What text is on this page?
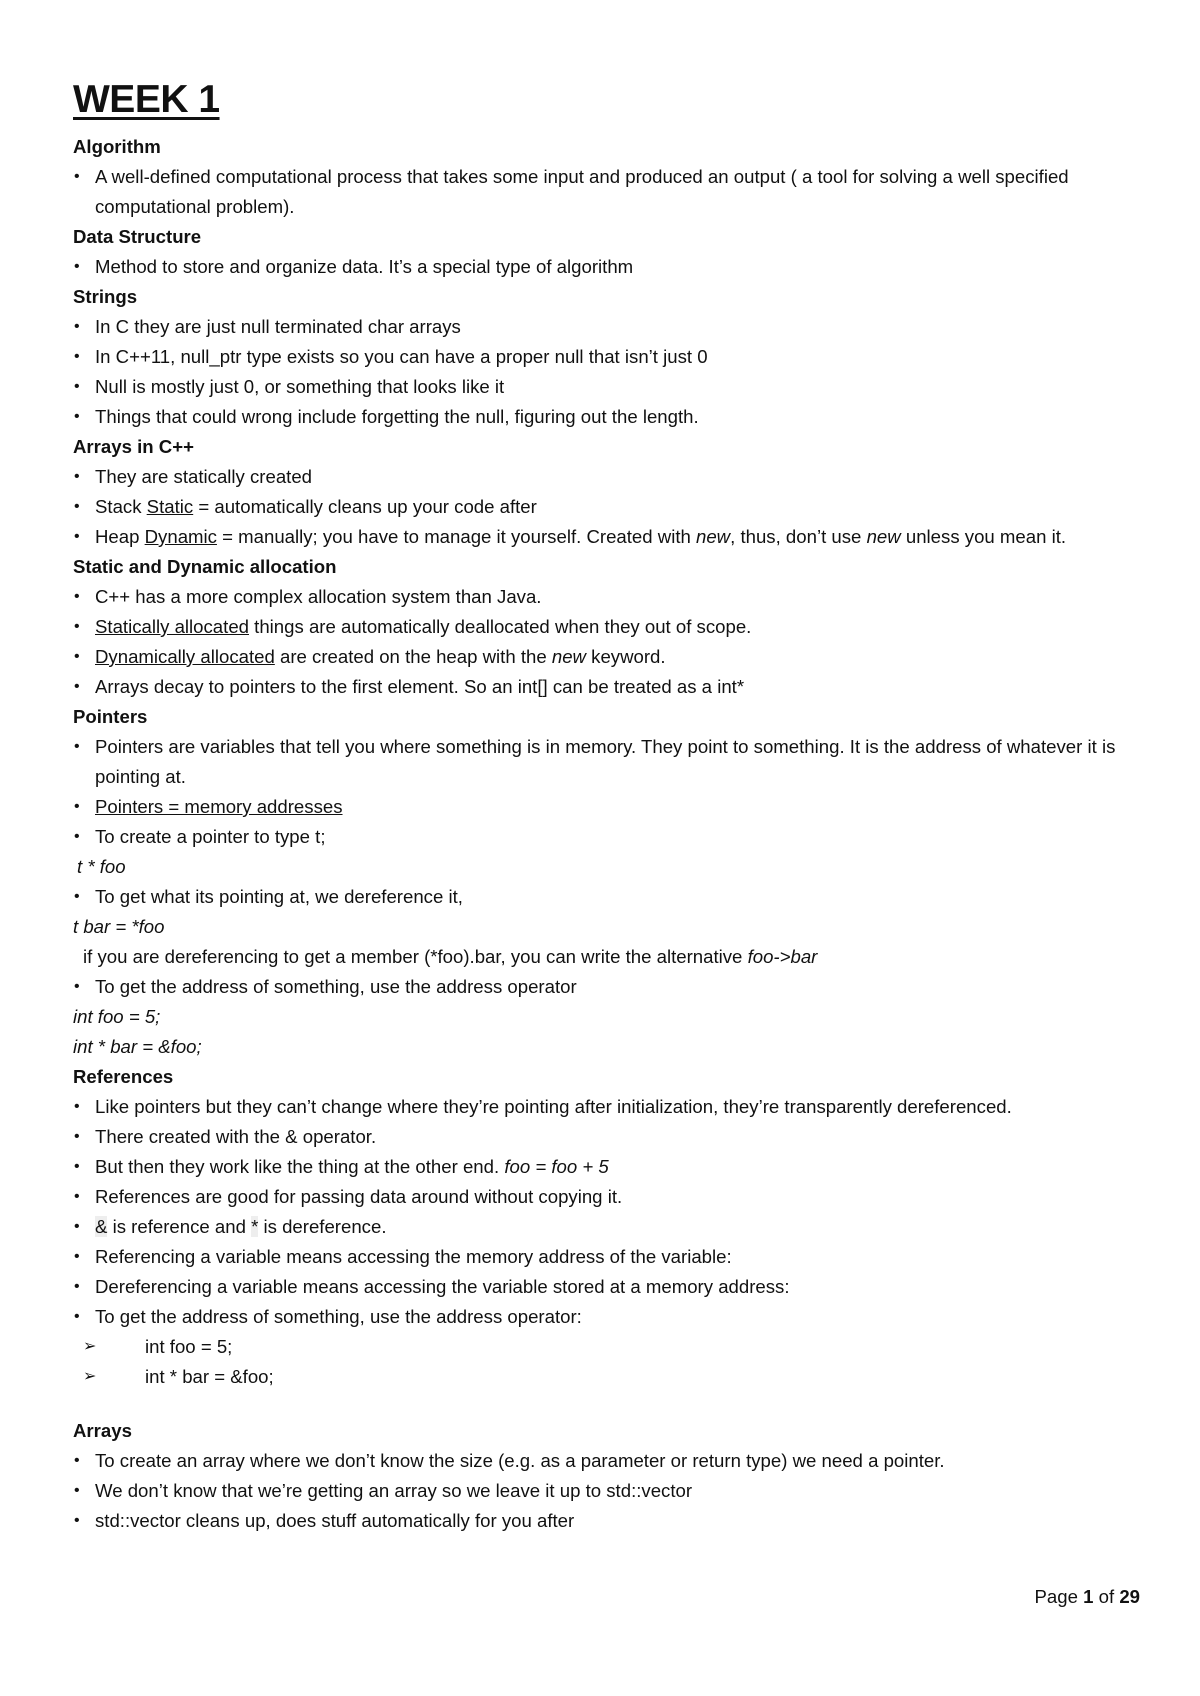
WEEK 1

Algorithm

• A well-defined computational process that takes some input and produced an output ( a tool for solving a well specified computational problem).

Data Structure

• Method to store and organize data. It’s a special type of algorithm

Strings

• In C they are just null terminated char arrays

• In C++11, null_ptr type exists so you can have a proper null that isn’t just 0

• Null is mostly just 0, or something that looks like it

• Things that could wrong include forgetting the null, figuring out the length.

Arrays in C++

• They are statically created

• Stack Static = automatically cleans up your code after

• Heap Dynamic = manually; you have to manage it yourself. Created with new, thus, don’t use new unless you mean it.

Static and Dynamic allocation

• C++ has a more complex allocation system than Java.

• Statically allocated things are automatically deallocated when they out of scope.

• Dynamically allocated are created on the heap with the new keyword.

• Arrays decay to pointers to the first element. So an int[] can be treated as a int*

Pointers

• Pointers are variables that tell you where something is in memory. They point to something. It is the address of whatever it is pointing at.

• Pointers = memory addresses

• To create a pointer to type t;

t * foo

• To get what its pointing at, we dereference it,

t bar = *foo

if you are dereferencing to get a member (*foo).bar, you can write the alternative foo->bar

• To get the address of something, use the address operator

int foo = 5;

int * bar = &foo;

References

• Like pointers but they can’t change where they’re pointing after initialization, they’re transparently dereferenced.

• There created with the & operator.

• But then they work like the thing at the other end. foo = foo + 5

• References are good for passing data around without copying it.

• & is reference and * is dereference.

• Referencing a variable means accessing the memory address of the variable:

• Dereferencing a variable means accessing the variable stored at a memory address:

• To get the address of something, use the address operator:

➢	int foo = 5;

➢	int * bar = &foo;

Arrays

• To create an array where we don’t know the size (e.g. as a parameter or return type) we need a pointer.

• We don’t know that we’re getting an array so we leave it up to std::vector

• std::vector cleans up, does stuff automatically for you after

Page 1 of 29
